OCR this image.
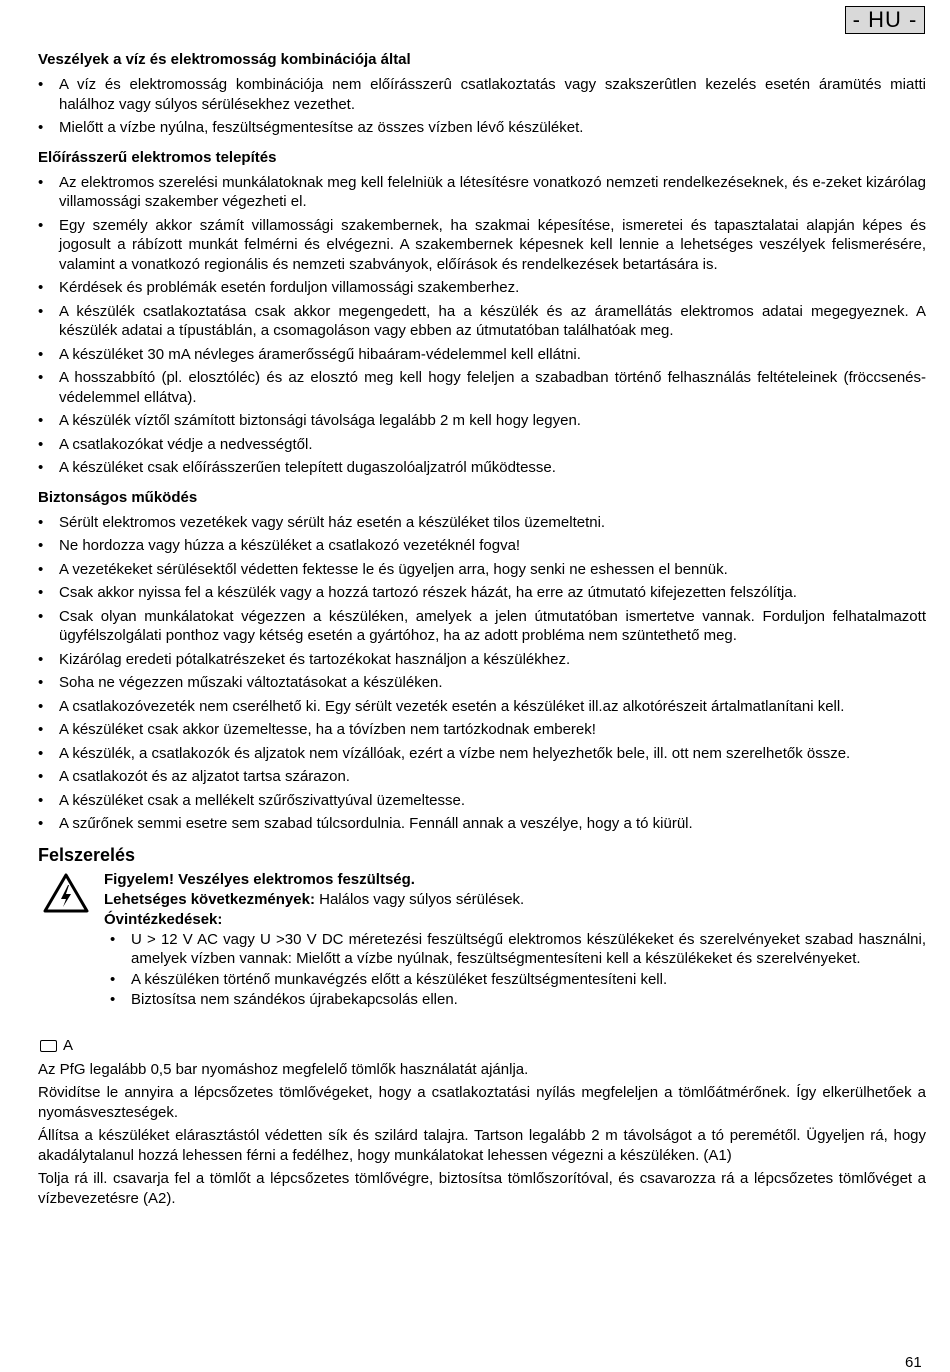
- HU -
Veszélyek a víz és elektromosság kombinációja által
• A víz és elektromosság kombinációja nem előírásszerû csatlakoztatás vagy szakszerûtlen kezelés esetén áramütés miatti halálhoz vagy súlyos sérülésekhez vezethet.
• Mielőtt a vízbe nyúlna, feszültségmentesítse az összes vízben lévő készüléket.
Előírásszerű elektromos telepítés
• Az elektromos szerelési munkálatoknak meg kell felelniük a létesítésre vonatkozó nemzeti rendelkezéseknek, és e-zeket kizárólag villamossági szakember végezheti el.
• Egy személy akkor számít villamossági szakembernek, ha szakmai képesítése, ismeretei és tapasztalatai alapján képes és jogosult a rábízott munkát felmérni és elvégezni. A szakembernek képesnek kell lennie a lehetséges veszélyek felismerésére, valamint a vonatkozó regionális és nemzeti szabványok, előírások és rendelkezések betartására is.
• Kérdések és problémák esetén forduljon villamossági szakemberhez.
• A készülék csatlakoztatása csak akkor megengedett, ha a készülék és az áramellátás elektromos adatai megegyeznek. A készülék adatai a típustáblán, a csomagoláson vagy ebben az útmutatóban találhatóak meg.
• A készüléket 30 mA névleges áramerősségű hibaáram-védelemmel kell ellátni.
• A hosszabbító (pl. elosztóléc) és az elosztó meg kell hogy feleljen a szabadban történő felhasználás feltételeinek (fröccsenés-védelemmel ellátva).
• A készülék víztől számított biztonsági távolsága legalább 2 m kell hogy legyen.
• A csatlakozókat védje a nedvességtől.
• A készüléket csak előírásszerűen telepített dugaszolóaljzatról működtesse.
Biztonságos működés
• Sérült elektromos vezetékek vagy sérült ház esetén a készüléket tilos üzemeltetni.
• Ne hordozza vagy húzza a készüléket a csatlakozó vezetéknél fogva!
• A vezetékeket sérülésektől védetten fektesse le és ügyeljen arra, hogy senki ne eshessen el bennük.
• Csak akkor nyissa fel a készülék vagy a hozzá tartozó részek házát, ha erre az útmutató kifejezetten felszólítja.
• Csak olyan munkálatokat végezzen a készüléken, amelyek a jelen útmutatóban ismertetve vannak. Forduljon felhatalmazott ügyfélszolgálati ponthoz vagy kétség esetén a gyártóhoz, ha az adott probléma nem szüntethető meg.
• Kizárólag eredeti pótalkatrészeket és tartozékokat használjon a készülékhez.
• Soha ne végezzen műszaki változtatásokat a készüléken.
• A csatlakozóvezeték nem cserélhető ki. Egy sérült vezeték esetén a készüléket ill.az alkotórészeit ártalmatlanítani kell.
• A készüléket csak akkor üzemeltesse, ha a tóvízben nem tartózkodnak emberek!
• A készülék, a csatlakozók és aljzatok nem vízállóak, ezért a vízbe nem helyezhetők bele, ill. ott nem szerelhetők össze.
• A csatlakozót és az aljzatot tartsa szárazon.
• A készüléket csak a mellékelt szűrőszivattyúval üzemeltesse.
• A szűrőnek semmi esetre sem szabad túlcsordulnia. Fennáll annak a veszélye, hogy a tó kiürül.
Felszerelés

Figyelem! Veszélyes elektromos feszültség.

Lehetséges következmények: Halálos vagy súlyos sérülések.

Óvintézkedések:

• U > 12 V AC vagy U >30 V DC méretezési feszültségű elektromos készülékeket és szerelvényeket szabad használni, amelyek vízben vannak: Mielőtt a vízbe nyúlnak, feszültségmentesíteni kell a készülékeket és szerelvényeket.
• A készüléken történő munkavégzés előtt a készüléket feszültségmentesíteni kell.
• Biztosítsa nem szándékos újrabekapcsolás ellen.
A

Az PfG legalább 0,5 bar nyomáshoz megfelelő tömlők használatát ajánlja.

Rövidítse le annyira a lépcsőzetes tömlővégeket, hogy a csatlakoztatási nyílás megfeleljen a tömlőátmérőnek. Így elkerülhetőek a nyomásveszteségek.

Állítsa a készüléket elárasztástól védetten sík és szilárd talajra. Tartson legalább 2 m távolságot a tó peremétől. Ügyeljen rá, hogy akadálytalanul hozzá lehessen férni a fedélhez, hogy munkálatokat lehessen végezni a készüléken. (A1)

Tolja rá ill. csavarja fel a tömlőt a lépcsőzetes tömlővégre, biztosítsa tömlőszorítóval, és csavarozza rá a lépcsőzetes tömlővéget a vízbevezetésre (A2).

61
